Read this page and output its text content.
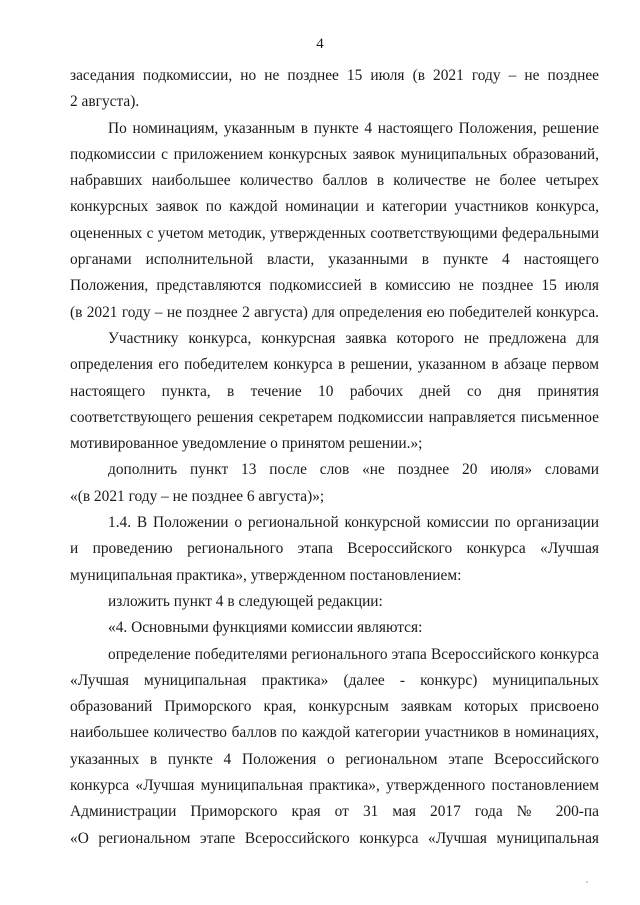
4
заседания подкомиссии, но не позднее 15 июля (в 2021 году – не позднее
2 августа).
По номинациям, указанным в пункте 4 настоящего Положения, решение
подкомиссии с приложением конкурсных заявок муниципальных образований,
набравших наибольшее количество баллов в количестве не более четырех
конкурсных заявок по каждой номинации и категории участников конкурса,
оцененных с учетом методик, утвержденных соответствующими федеральными
органами исполнительной власти, указанными в пункте 4 настоящего
Положения, представляются подкомиссией в комиссию не позднее 15 июля
(в 2021 году – не позднее 2 августа) для определения ею победителей конкурса.
Участнику конкурса, конкурсная заявка которого не предложена для
определения его победителем конкурса в решении, указанном в абзаце первом
настоящего пункта, в течение 10 рабочих дней со дня принятия
соответствующего решения секретарем подкомиссии направляется письменное
мотивированное уведомление о принятом решении.»;
дополнить пункт 13 после слов «не позднее 20 июля» словами
«(в 2021 году – не позднее 6 августа)»;
1.4. В Положении о региональной конкурсной комиссии по организации
и проведению регионального этапа Всероссийского конкурса «Лучшая
муниципальная практика», утвержденном постановлением:
изложить пункт 4 в следующей редакции:
«4. Основными функциями комиссии являются:
определение победителями регионального этапа Всероссийского конкурса
«Лучшая муниципальная практика» (далее - конкурс) муниципальных
образований Приморского края, конкурсным заявкам которых присвоено
наибольшее количество баллов по каждой категории участников в номинациях,
указанных в пункте 4 Положения о региональном этапе Всероссийского
конкурса «Лучшая муниципальная практика», утвержденного постановлением
Администрации Приморского края от 31 мая 2017 года № 200-па
«О региональном этапе Всероссийского конкурса «Лучшая муниципальная
